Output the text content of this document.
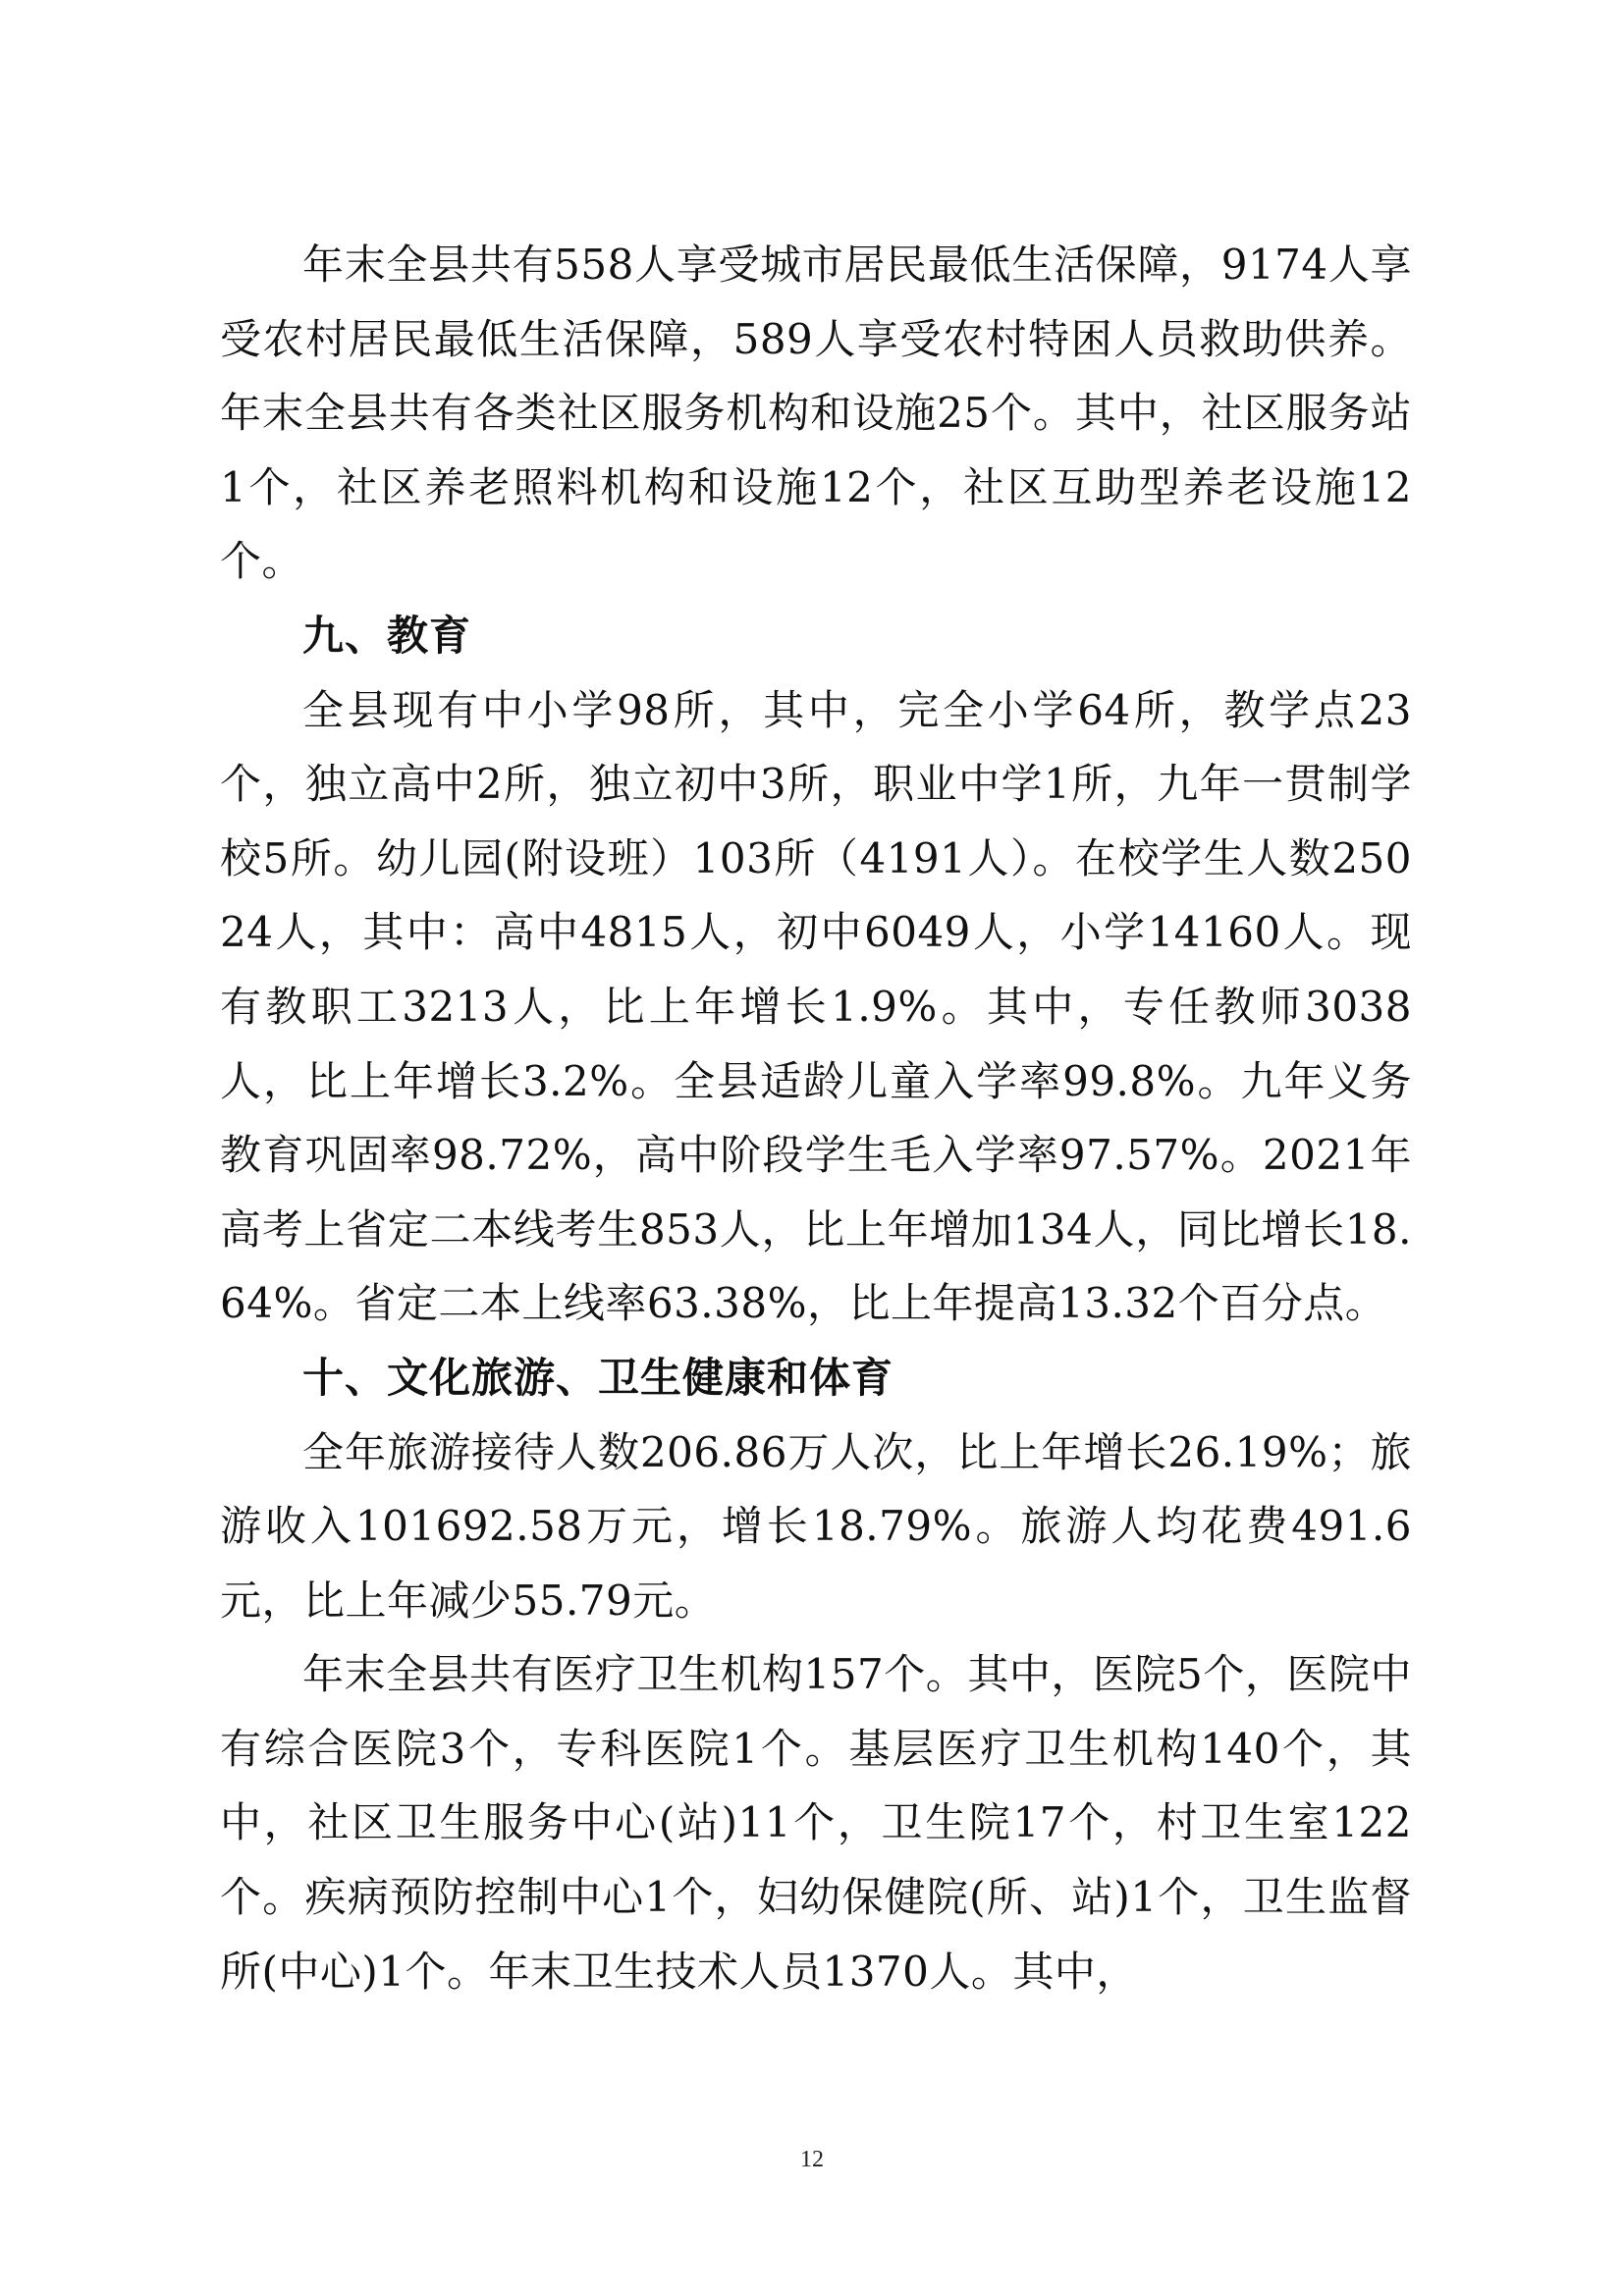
年末全县共有558人享受城市居民最低生活保障，9174人享受农村居民最低生活保障，589人享受农村特困人员救助供养。年末全县共有各类社区服务机构和设施25个。其中，社区服务站1个，社区养老照料机构和设施12个，社区互助型养老设施12个。

九、教育

全县现有中小学98所，其中，完全小学64所，教学点23个，独立高中2所，独立初中3所，职业中学1所，九年一贯制学校5所。幼儿园(附设班）103所（4191人）。在校学生人数25024人，其中：高中4815人，初中6049人，小学14160人。现有教职工3213人，比上年增长1.9%。其中，专任教师3038人，比上年增长3.2%。全县适龄儿童入学率99.8%。九年义务教育巩固率98.72%，高中阶段学生毛入学率97.57%。2021年高考上省定二本线考生853人，比上年增加134人，同比增长18.64%。省定二本上线率63.38%，比上年提高13.32个百分点。

十、文化旅游、卫生健康和体育

全年旅游接待人数206.86万人次，比上年增长26.19%；旅游收入101692.58万元，增长18.79%。旅游人均花费491.6元，比上年减少55.79元。

年末全县共有医疗卫生机构157个。其中，医院5个，医院中有综合医院3个，专科医院1个。基层医疗卫生机构140个，其中，社区卫生服务中心(站)11个，卫生院17个，村卫生室122个。疾病预防控制中心1个，妇幼保健院(所、站)1个，卫生监督所(中心)1个。年末卫生技术人员1370人。其中，

12
